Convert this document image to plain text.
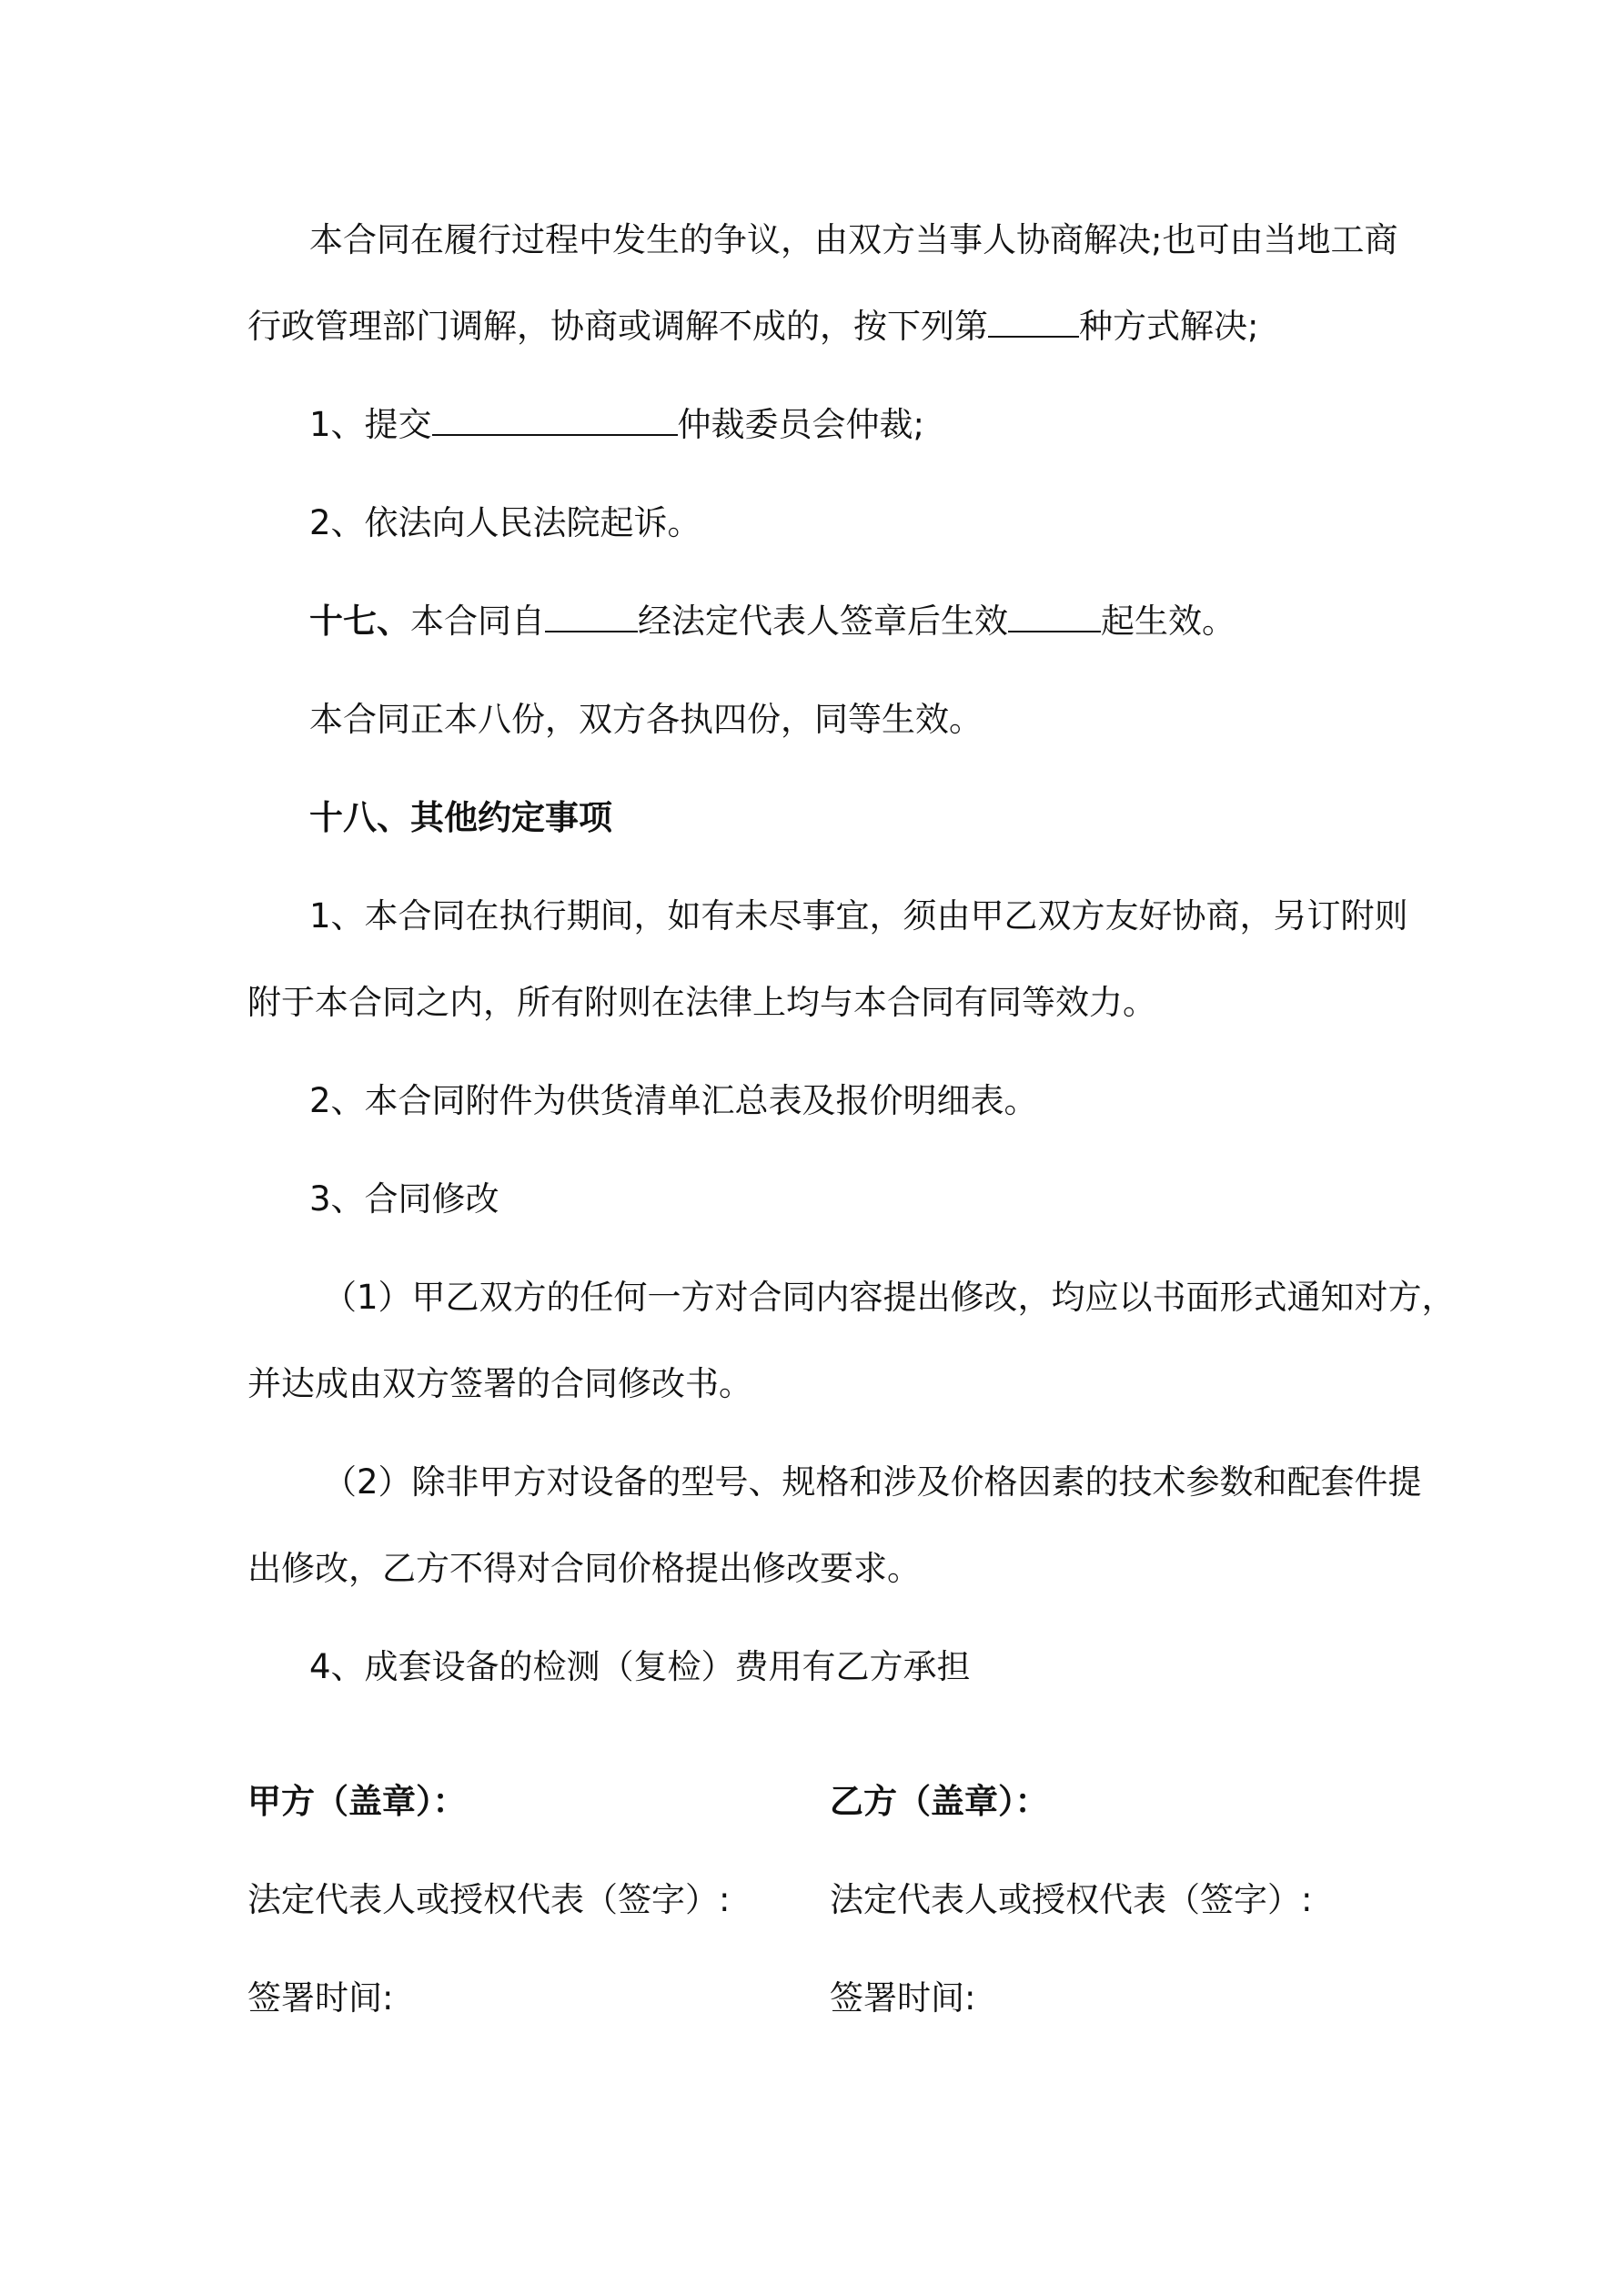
本合同在履行过程中发生的争议，由双方当事人协商解决;也可由当地工商
行政管理部门调解，协商或调解不成的，按下列第	种方式解决;
1、提交	仲裁委员会仲裁;
2、依法向人民法院起诉。
十七、本合同自	经法定代表人签章后生效	起生效。
本合同正本八份，双方各执四份，同等生效。
十八、其他约定事项
1、本合同在执行期间，如有未尽事宜，须由甲乙双方友好协商，另订附则
附于本合同之内，所有附则在法律上均与本合同有同等效力。
2、本合同附件为供货清单汇总表及报价明细表。
3、合同修改
（1）甲乙双方的任何一方对合同内容提出修改，均应以书面形式通知对方，
并达成由双方签署的合同修改书。
（2）除非甲方对设备的型号、规格和涉及价格因素的技术参数和配套件提
出修改，乙方不得对合同价格提出修改要求。
4、成套设备的检测（复检）费用有乙方承担
甲方（盖章）：	乙方（盖章）：
法定代表人或授权代表（签字）:	法定代表人或授权代表（签字）:
签署时间:	签署时间:
